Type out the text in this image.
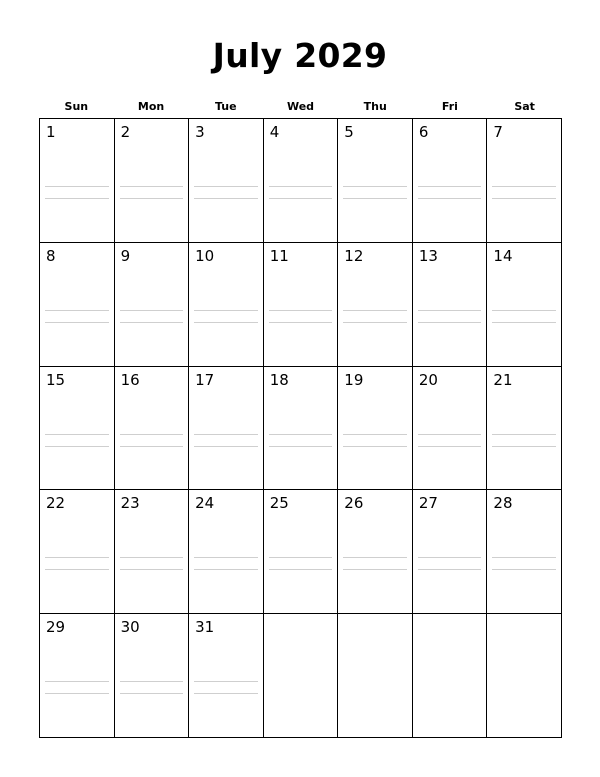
July 2029
Sun	Mon	Tue	Wed	Thu	Fri	Sat
1	2	3	4	5	6	7
8	9	10	11	12	13	14
15	16	17	18	19	20	21
22	23	24	25	26	27	28
29	30	31
